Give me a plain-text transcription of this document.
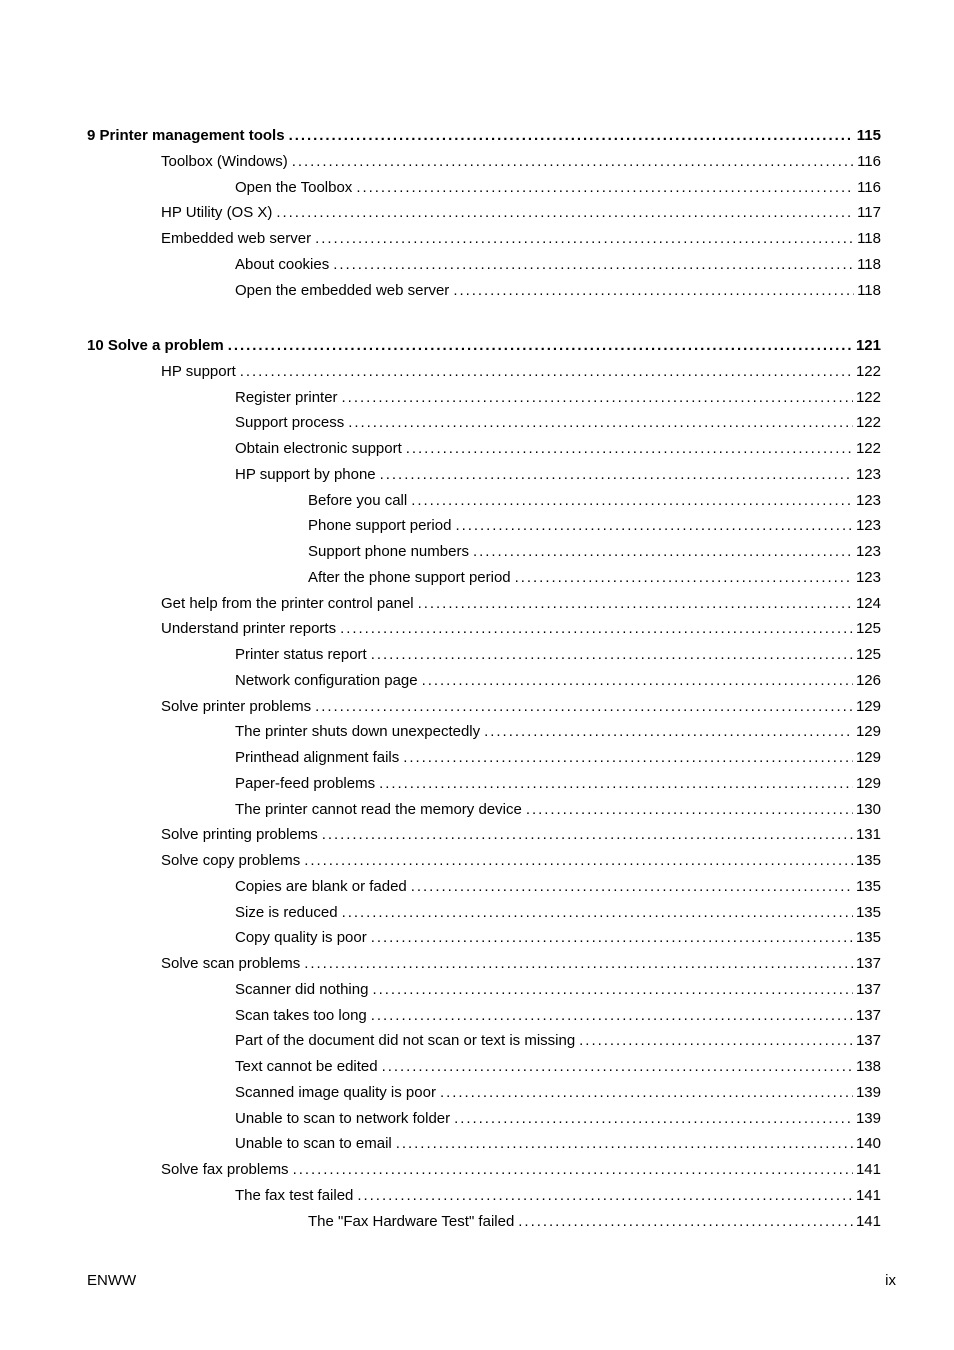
9 Printer management tools . . .	115
Toolbox (Windows) . . .	116
Open the Toolbox . . .	116
HP Utility (OS X) . . .	117
Embedded web server . . .	118
About cookies . . .	118
Open the embedded web server . . .	118
10 Solve a problem . . .	121
HP support . . .	122
Register printer . . .	122
Support process . . .	122
Obtain electronic support . . .	122
HP support by phone . . .	123
Before you call . . .	123
Phone support period . . .	123
Support phone numbers . . .	123
After the phone support period . . .	123
Get help from the printer control panel . . .	124
Understand printer reports . . .	125
Printer status report . . .	125
Network configuration page . . .	126
Solve printer problems . . .	129
The printer shuts down unexpectedly . . .	129
Printhead alignment fails . . .	129
Paper-feed problems . . .	129
The printer cannot read the memory device . . .	130
Solve printing problems . . .	131
Solve copy problems . . .	135
Copies are blank or faded . . .	135
Size is reduced . . .	135
Copy quality is poor . . .	135
Solve scan problems . . .	137
Scanner did nothing . . .	137
Scan takes too long . . .	137
Part of the document did not scan or text is missing . . .	137
Text cannot be edited . . .	138
Scanned image quality is poor . . .	139
Unable to scan to network folder . . .	139
Unable to scan to email . . .	140
Solve fax problems . . .	141
The fax test failed . . .	141
The "Fax Hardware Test" failed . . .	141
ENWW	ix
